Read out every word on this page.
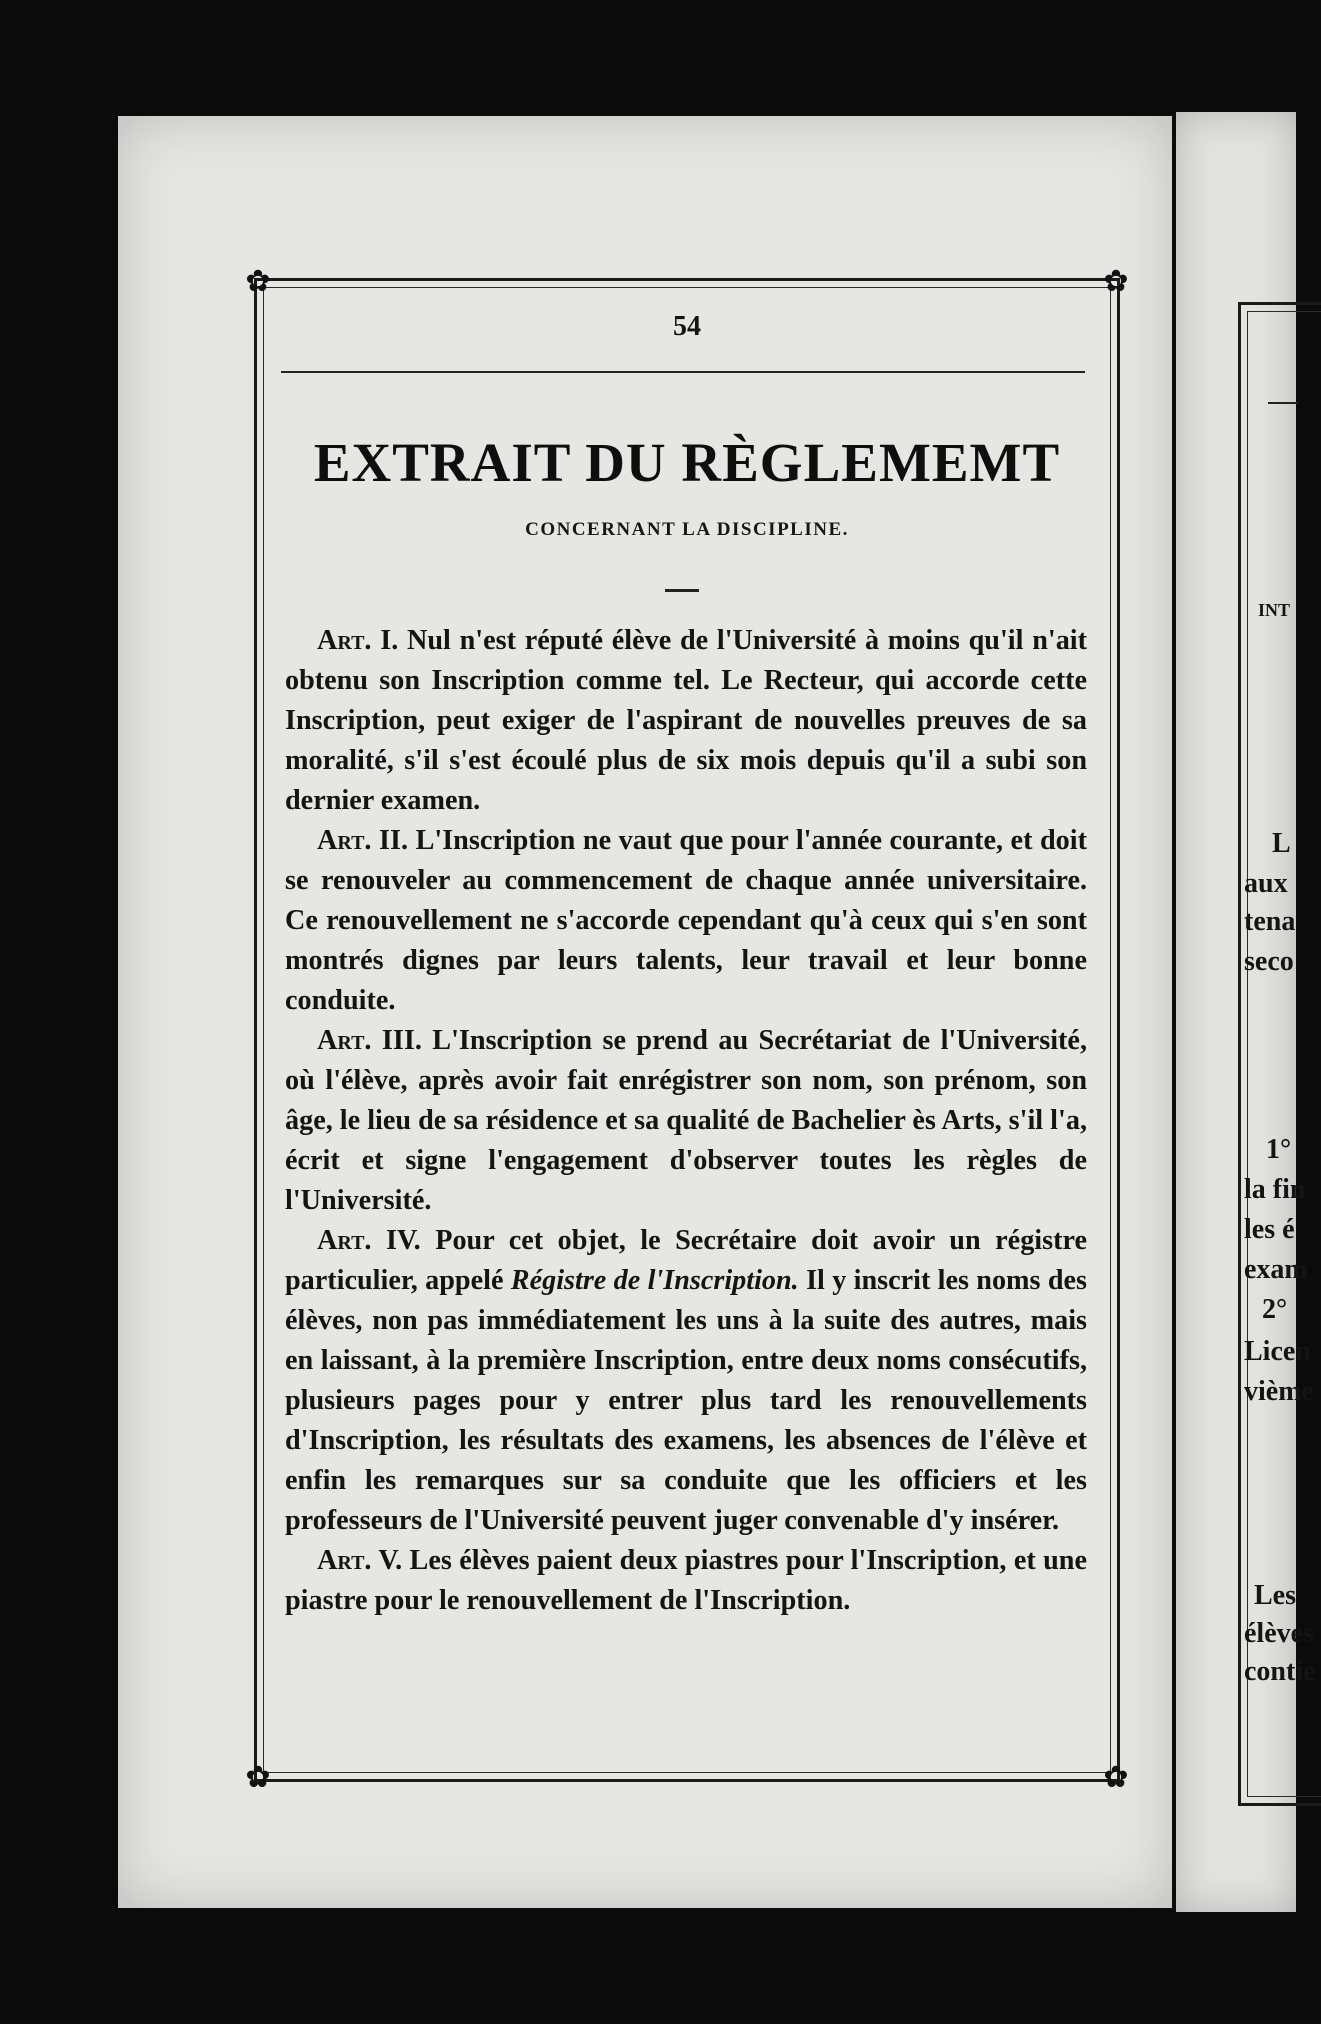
✿	✿
✿	✿
54
EXTRAIT DU RÈGLEMEMT
CONCERNANT LA DISCIPLINE.

Art. I. Nul n'est réputé élève de l'Université à moins qu'il n'ait obtenu son Inscription comme tel. Le Recteur, qui accorde cette Inscription, peut exiger de l'aspirant de nouvelles preuves de sa moralité, s'il s'est écoulé plus de six mois depuis qu'il a subi son dernier examen.

Art. II. L'Inscription ne vaut que pour l'année courante, et doit se renouveler au commencement de chaque année universitaire. Ce renouvellement ne s'accorde cependant qu'à ceux qui s'en sont montrés dignes par leurs talents, leur travail et leur bonne conduite.

Art. III. L'Inscription se prend au Secrétariat de l'Université, où l'élève, après avoir fait enrégistrer son nom, son prénom, son âge, le lieu de sa résidence et sa qualité de Bachelier ès Arts, s'il l'a, écrit et signe l'engagement d'observer toutes les règles de l'Université.

Art. IV. Pour cet objet, le Secrétaire doit avoir un régistre particulier, appelé Régistre de l'Inscription. Il y inscrit les noms des élèves, non pas immédiatement les uns à la suite des autres, mais en laissant, à la première Inscription, entre deux noms consécutifs, plusieurs pages pour y entrer plus tard les renouvellements d'Inscription, les résultats des examens, les absences de l'élève et enfin les remarques sur sa conduite que les officiers et les professeurs de l'Université peuvent juger convenable d'y insérer.

Art. V. Les élèves paient deux piastres pour l'Inscription, et une piastre pour le renouvellement de l'Inscription.

INT
L
aux
tena
seco
1°
la fin
les é
exam
2°
Licen
vième
Les
élèves
contie
